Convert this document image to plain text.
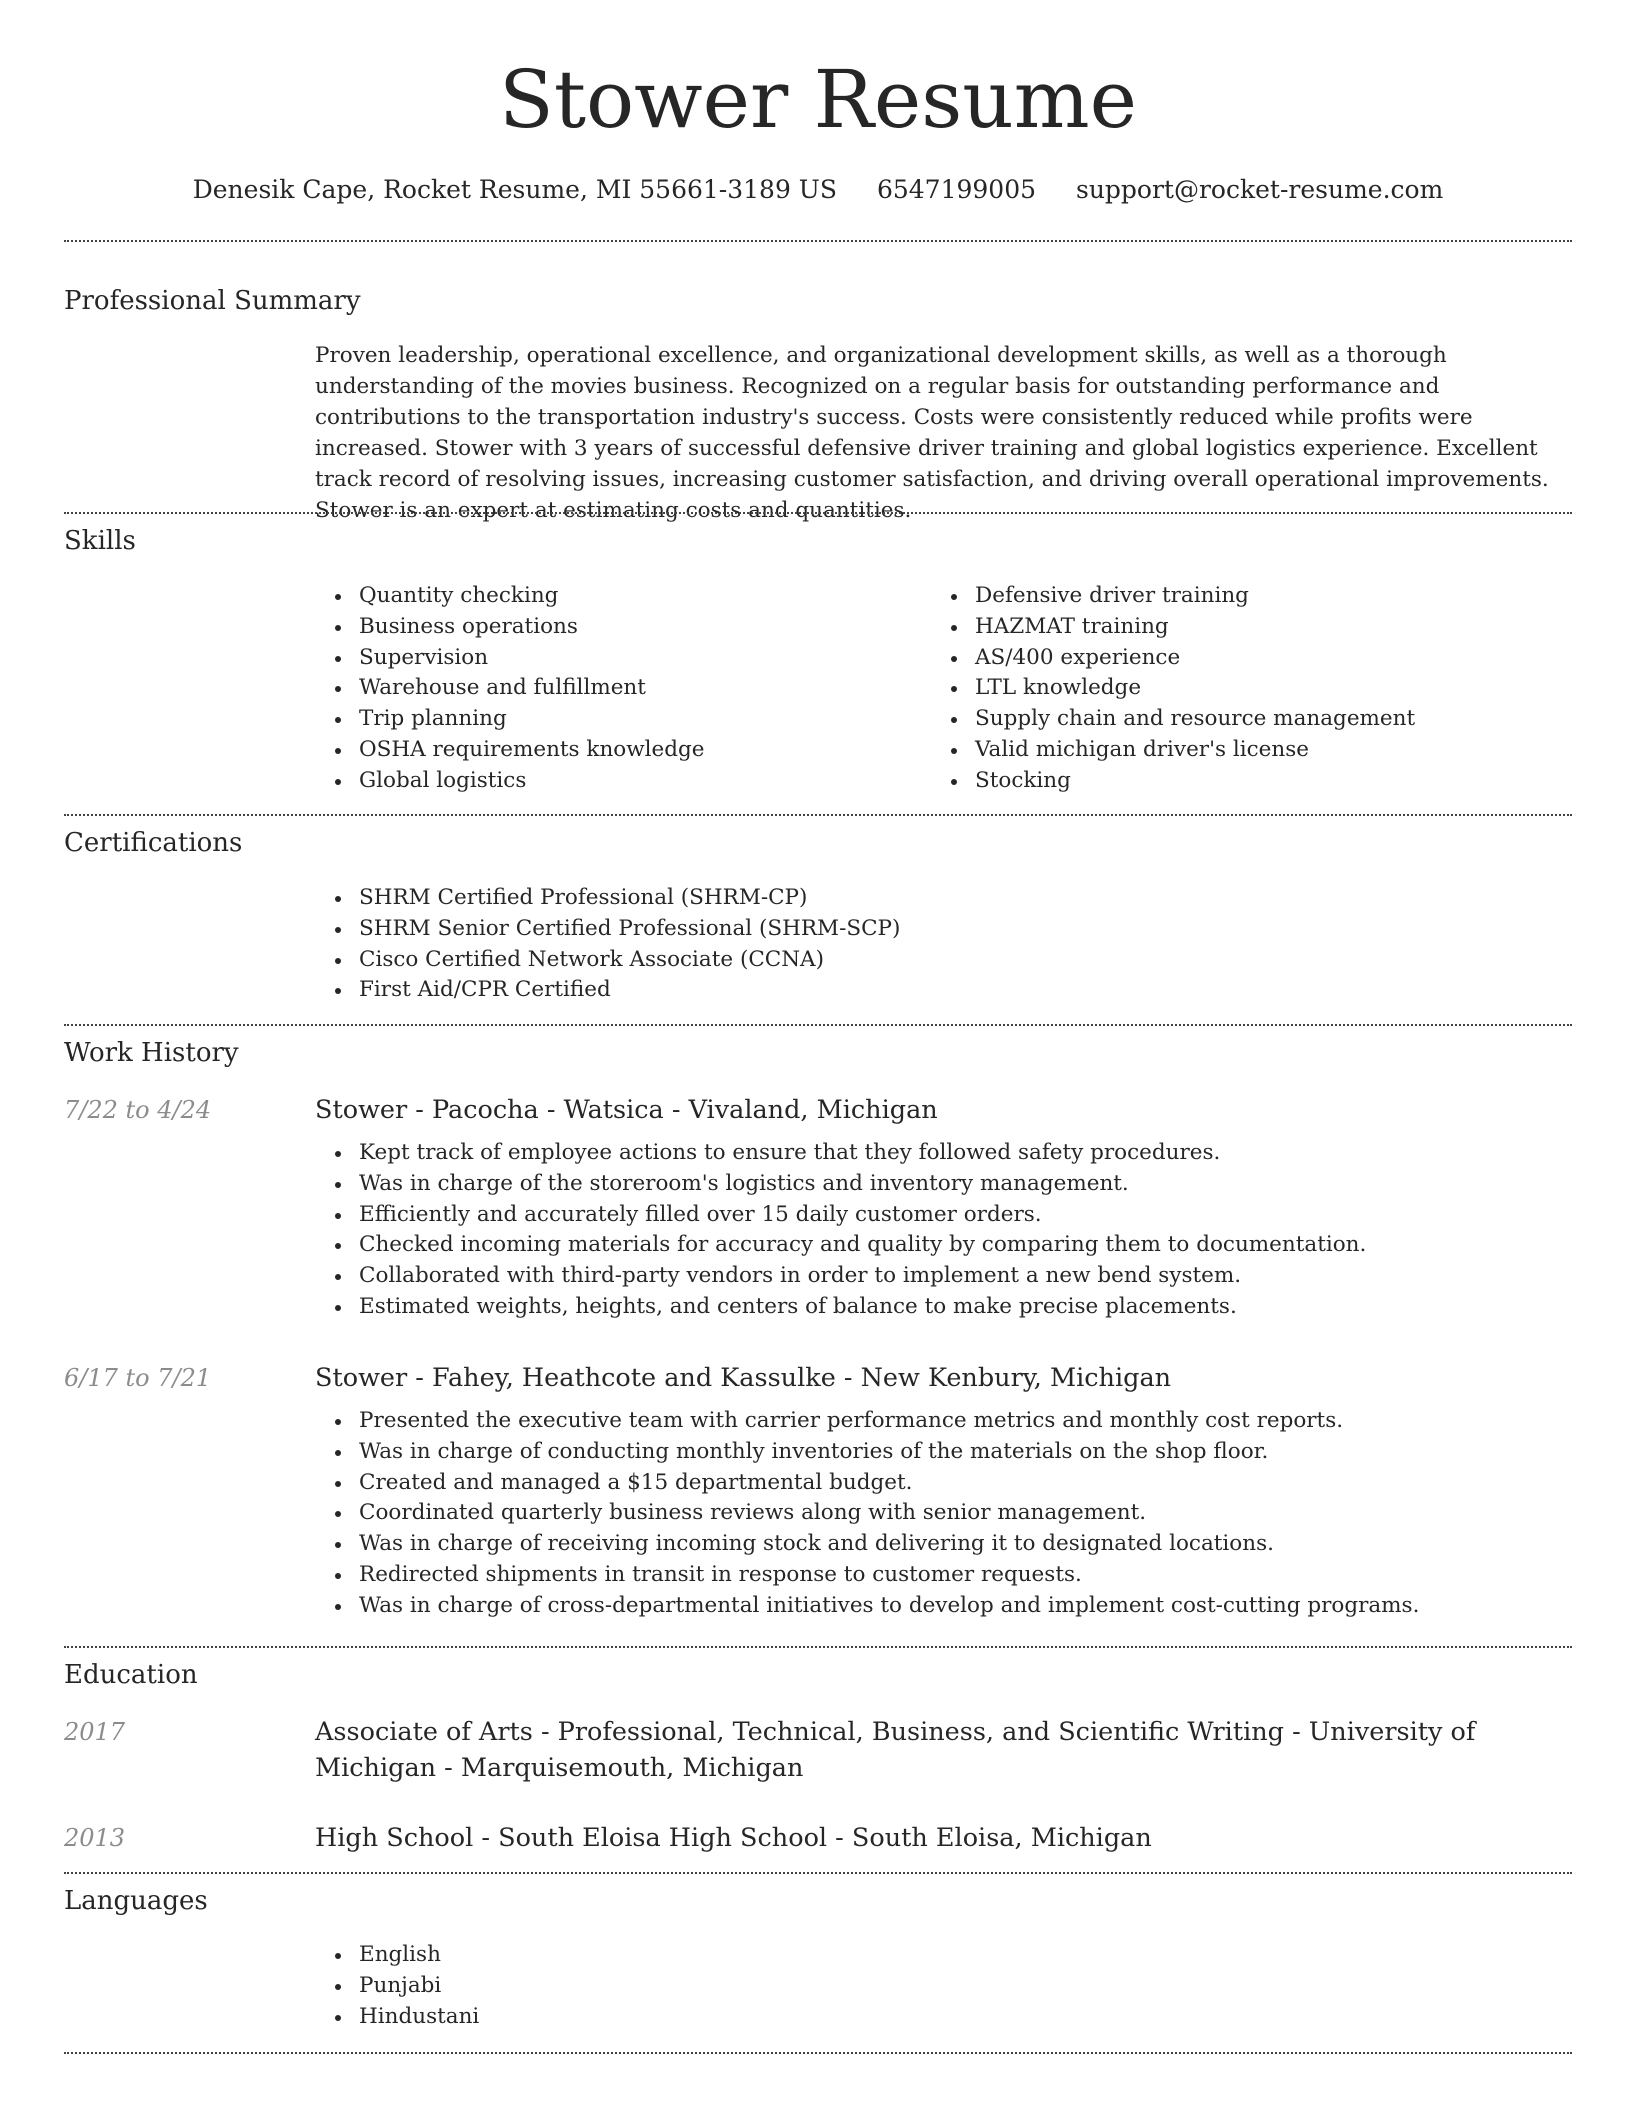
Stower Resume
Denesik Cape, Rocket Resume, MI 55661-3189 US 6547199005 support@rocket-resume.com
Professional Summary

Proven leadership, operational excellence, and organizational development skills, as well as a thorough understanding of the movies business. Recognized on a regular basis for outstanding performance and contributions to the transportation industry's success. Costs were consistently reduced while profits were increased. Stower with 3 years of successful defensive driver training and global logistics experience. Excellent track record of resolving issues, increasing customer satisfaction, and driving overall operational improvements. Stower is an expert at estimating costs and quantities.

Skills
Quantity checking
Business operations
Supervision
Warehouse and fulfillment
Trip planning
OSHA requirements knowledge
Global logistics
Defensive driver training
HAZMAT training
AS/400 experience
LTL knowledge
Supply chain and resource management
Valid michigan driver's license
Stocking
Certifications
SHRM Certified Professional (SHRM-CP)
SHRM Senior Certified Professional (SHRM-SCP)
Cisco Certified Network Associate (CCNA)
First Aid/CPR Certified
Work History
7/22 to 4/24	Stower - Pacocha - Watsica - Vivaland, Michigan
Kept track of employee actions to ensure that they followed safety procedures.
Was in charge of the storeroom's logistics and inventory management.
Efficiently and accurately filled over 15 daily customer orders.
Checked incoming materials for accuracy and quality by comparing them to documentation.
Collaborated with third-party vendors in order to implement a new bend system.
Estimated weights, heights, and centers of balance to make precise placements.
6/17 to 7/21	Stower - Fahey, Heathcote and Kassulke - New Kenbury, Michigan
Presented the executive team with carrier performance metrics and monthly cost reports.
Was in charge of conducting monthly inventories of the materials on the shop floor.
Created and managed a $15 departmental budget.
Coordinated quarterly business reviews along with senior management.
Was in charge of receiving incoming stock and delivering it to designated locations.
Redirected shipments in transit in response to customer requests.
Was in charge of cross-departmental initiatives to develop and implement cost-cutting programs.
Education
2017	Associate of Arts - Professional, Technical, Business, and Scientific Writing - University of Michigan - Marquisemouth, Michigan
2013	High School - South Eloisa High School - South Eloisa, Michigan
Languages
English
Punjabi
Hindustani
